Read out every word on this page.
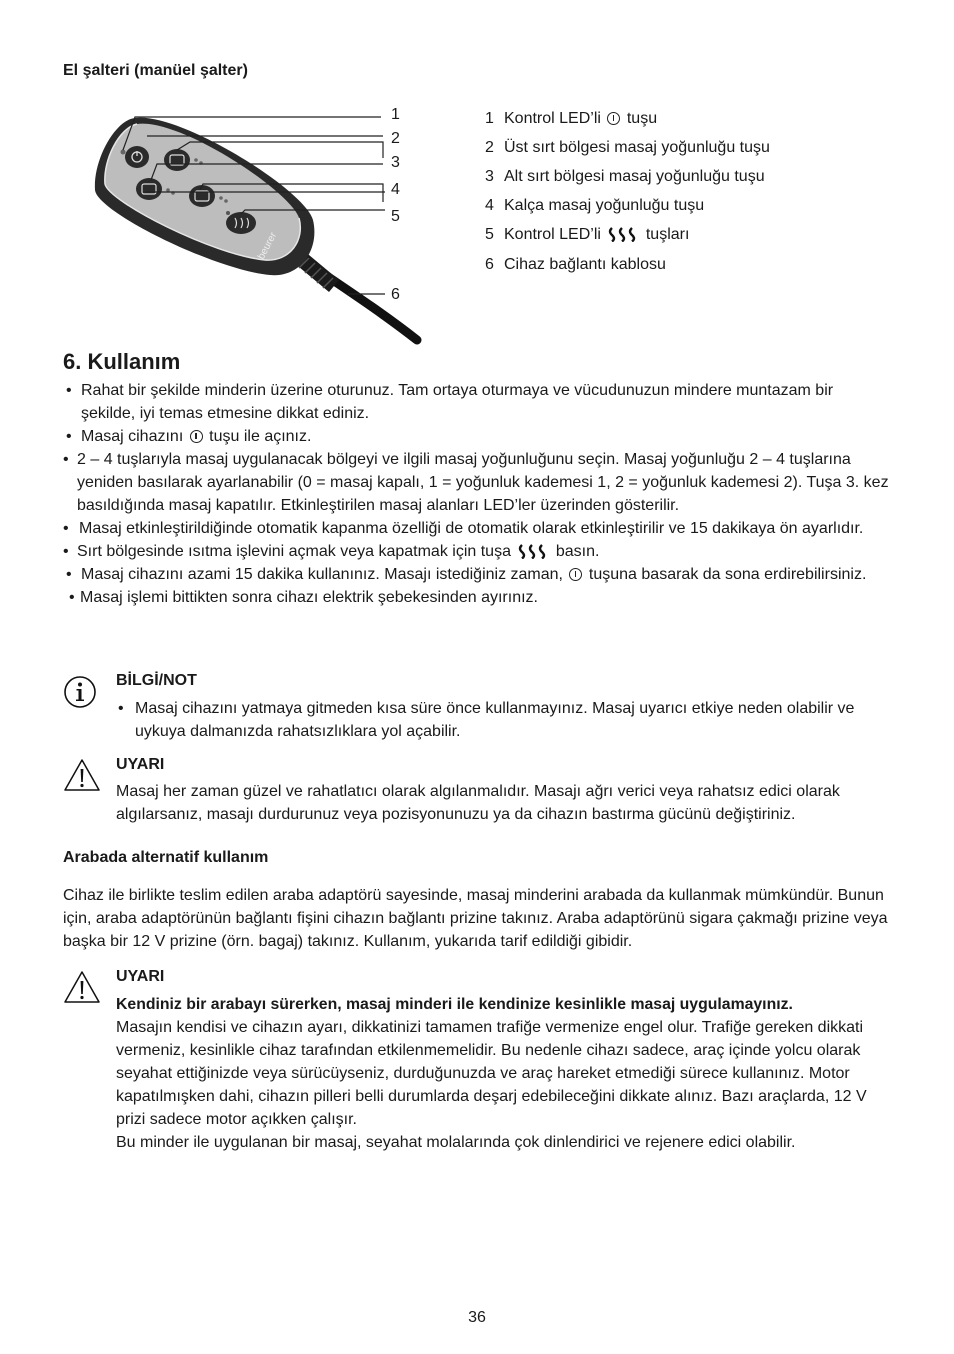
El şalteri (manüel şalter)
beurer
1
2
3
4
5
6
1 Kontrol LED’li tuşu
2 Üst sırt bölgesi masaj yoğunluğu tuşu
3 Alt sırt bölgesi masaj yoğunluğu tuşu
4 Kalça masaj yoğunluğu tuşu
5 Kontrol LED’li	tuşları
6 Cihaz bağlantı kablosu
6. Kullanım
• Rahat bir şekilde minderin üzerine oturunuz. Tam ortaya oturmaya ve vücudunuzun mindere muntazam bir şekilde, iyi temas etmesine dikkat ediniz.
• Masaj cihazını tuşu ile açınız.
• 2 – 4 tuşlarıyla masaj uygulanacak bölgeyi ve ilgili masaj yoğunluğunu seçin. Masaj yoğunluğu 2 – 4 tuşlarına yeniden basılarak ayarlanabilir (0 = masaj kapalı, 1 = yoğunluk kademesi 1, 2 = yoğunluk kademesi 2). Tuşa 3. kez basıldığında masaj kapatılır. Etkinleştirilen masaj alanları LED’ler üzerinden gösterilir.
• Masaj etkinleştirildiğinde otomatik kapanma özelliği de otomatik olarak etkinleştirilir ve 15 dakikaya ön ayarlıdır.
• Sırt bölgesinde ısıtma işlevini açmak veya kapatmak için tuşa	basın.
• Masaj cihazını azami 15 dakika kullanınız. Masajı istediğiniz zaman, tuşuna basarak da sona erdirebilirsiniz.
• Masaj işlemi bittikten sonra cihazı elektrik şebekesinden ayırınız.
BİLGİ/NOT
• Masaj cihazını yatmaya gitmeden kısa süre önce kullanmayınız. Masaj uyarıcı etkiye neden olabilir ve uykuya dalmanızda rahatsızlıklara yol açabilir.
UYARI
Masaj her zaman güzel ve rahatlatıcı olarak algılanmalıdır. Masajı ağrı verici veya rahatsız edici olarak algılarsanız, masajı durdurunuz veya pozisyonunuzu ya da cihazın bastırma gücünü değiştiriniz.
Arabada alternatif kullanım
Cihaz ile birlikte teslim edilen araba adaptörü sayesinde, masaj minderini arabada da kullanmak mümkündür. Bunun için, araba adaptörünün bağlantı fişini cihazın bağlantı prizine takınız. Araba adaptörünü sigara çakmağı prizine veya başka bir 12 V prizine (örn. bagaj) takınız. Kullanım, yukarıda tarif edildiği gibidir.
UYARI
Kendiniz bir arabayı sürerken, masaj minderi ile kendinize kesinlikle masaj uygulamayınız.
Masajın kendisi ve cihazın ayarı, dikkatinizi tamamen trafiğe vermenize engel olur. Trafiğe gereken dikkati vermeniz, kesinlikle cihaz tarafından etkilenmemelidir. Bu nedenle cihazı sadece, araç içinde yolcu olarak seyahat ettiğinizde veya sürücüyseniz, durduğunuzda ve araç hareket etmediği sürece kullanınız. Motor kapatılmışken dahi, cihazın pilleri belli durumlarda deşarj edebileceğini dikkate alınız. Bazı araçlarda, 12 V prizi sadece motor açıkken çalışır.
Bu minder ile uygulanan bir masaj, seyahat molalarında çok dinlendirici ve rejenere edici olabilir.
36
